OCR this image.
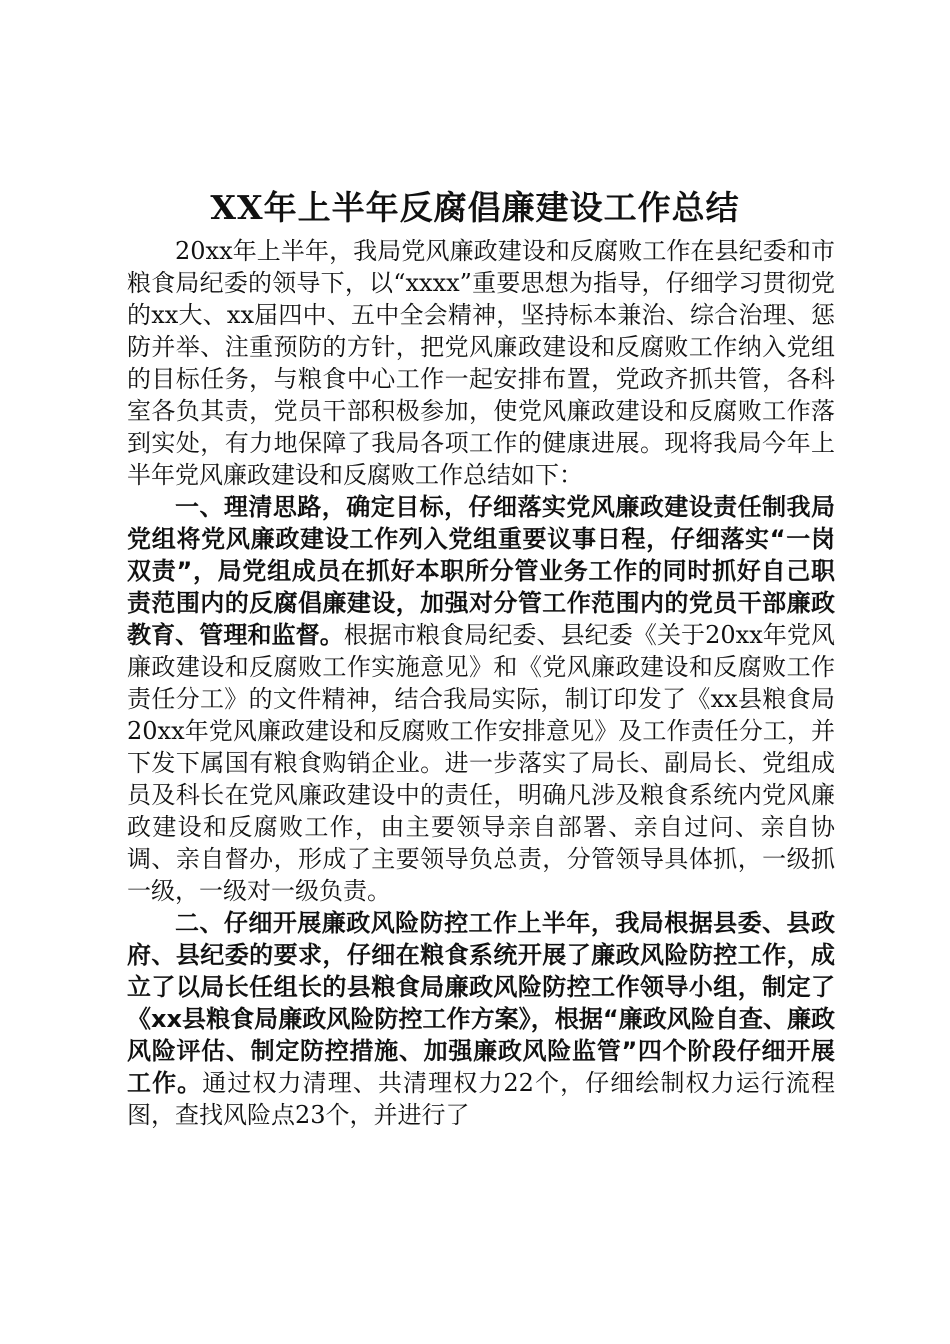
XX年上半年反腐倡廉建设工作总结

20xx年上半年，我局党风廉政建设和反腐败工作在县纪委和市粮食局纪委的领导下，以“xxxx”重要思想为指导，仔细学习贯彻党的xx大、xx届四中、五中全会精神，坚持标本兼治、综合治理、惩防并举、注重预防的方针，把党风廉政建设和反腐败工作纳入党组的目标任务，与粮食中心工作一起安排布置，党政齐抓共管，各科室各负其责，党员干部积极参加，使党风廉政建设和反腐败工作落到实处，有力地保障了我局各项工作的健康进展。现将我局今年上半年党风廉政建设和反腐败工作总结如下：

一、理清思路，确定目标，仔细落实党风廉政建设责任制我局党组将党风廉政建设工作列入党组重要议事日程，仔细落实“一岗双责”，局党组成员在抓好本职所分管业务工作的同时抓好自己职责范围内的反腐倡廉建设，加强对分管工作范围内的党员干部廉政教育、管理和监督。根据市粮食局纪委、县纪委《关于20xx年党风廉政建设和反腐败工作实施意见》和《党风廉政建设和反腐败工作责任分工》的文件精神，结合我局实际，制订印发了《xx县粮食局20xx年党风廉政建设和反腐败工作安排意见》及工作责任分工，并下发下属国有粮食购销企业。进一步落实了局长、副局长、党组成员及科长在党风廉政建设中的责任，明确凡涉及粮食系统内党风廉政建设和反腐败工作，由主要领导亲自部署、亲自过问、亲自协调、亲自督办，形成了主要领导负总责，分管领导具体抓，一级抓一级，一级对一级负责。

二、仔细开展廉政风险防控工作上半年，我局根据县委、县政府、县纪委的要求，仔细在粮食系统开展了廉政风险防控工作，成立了以局长任组长的县粮食局廉政风险防控工作领导小组，制定了《xx县粮食局廉政风险防控工作方案》，根据“廉政风险自查、廉政风险评估、制定防控措施、加强廉政风险监管”四个阶段仔细开展工作。通过权力清理、共清理权力22个，仔细绘制权力运行流程图，查找风险点23个，并进行了
